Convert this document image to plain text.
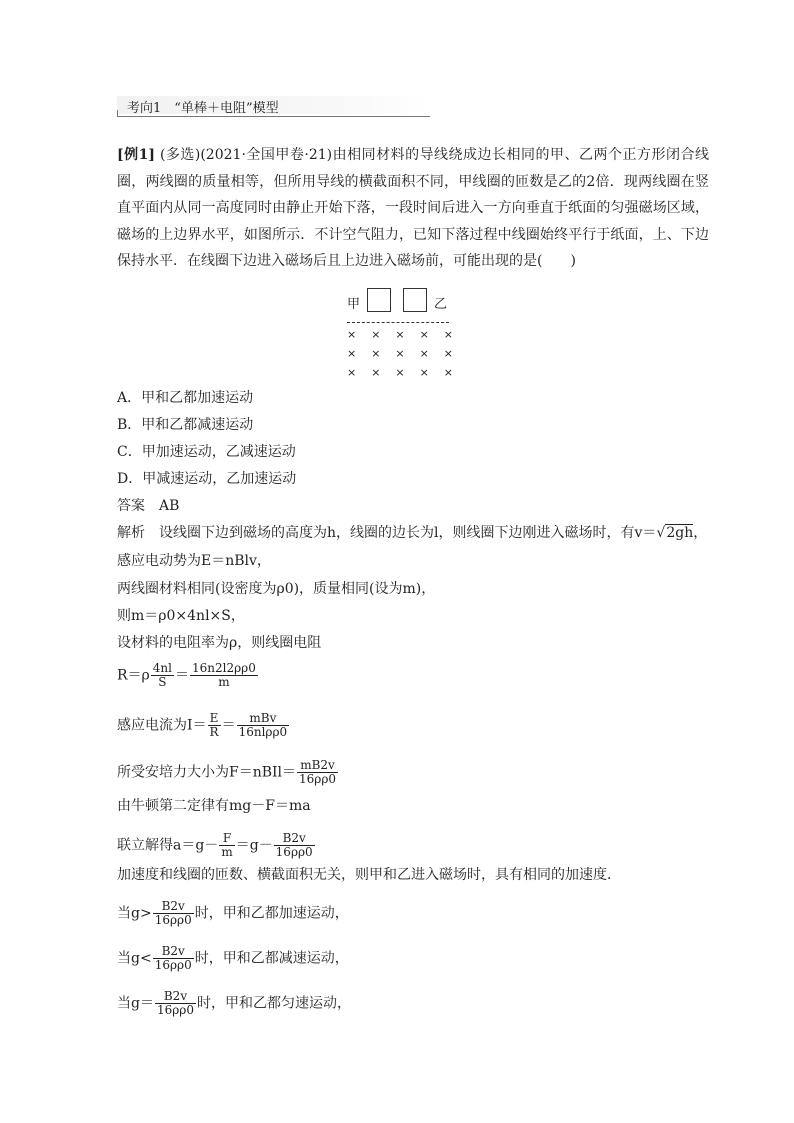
考向1　 “单棒＋电阻”模型
[例1] (多选)(2021·全国甲卷·21)由相同材料的导线绕成边长相同的甲、乙两个正方形闭合线圈，两线圈的质量相等，但所用导线的横截面积不同，甲线圈的匝数是乙的2倍．现两线圈在竖直平面内从同一高度同时由静止开始下落，一段时间后进入一方向垂直于纸面的匀强磁场区域，磁场的上边界水平，如图所示．不计空气阻力，已知下落过程中线圈始终平行于纸面，上、下边保持水平．在线圈下边进入磁场后且上边进入磁场前，可能出现的是(　　)
甲	乙
× × × × ×
× × × × ×
× × × × ×
A．甲和乙都加速运动
B．甲和乙都减速运动
C．甲加速运动，乙减速运动
D．甲减速运动，乙加速运动
答案　 AB
解析　 设线圈下边到磁场的高度为h，线圈的边长为l，则线圈下边刚进入磁场时，有v＝√2gh，
感应电动势为E＝nBlv，
两线圈材料相同(设密度为ρ0)，质量相同(设为m)，
则m＝ρ0×4nl×S，
设材料的电阻率为ρ，则线圈电阻
$R=\rho \frac{4nl}{S} = \frac{16n2l2\rho\rho 0}{m}$
感应电流为$I= \frac{E}{R} = \frac{\text{mBv}}{\text{16nlρρ0}}$
所受安培力大小为F＝nBIl＝ $\frac{mB2v}{16\rho\rho 0}$
由牛顿第二定律有mg－F＝ma
联立解得$a=g- \frac{F}{m} =g- \frac{B2v}{16\rho\rho 0}$
加速度和线圈的匝数、横截面积无关，则甲和乙进入磁场时，具有相同的加速度．
当$g> \frac{B2v}{16\rho\rho 0}$ 时，甲和乙都加速运动，
当$g< \frac{B2v}{16\rho\rho 0}$ 时，甲和乙都减速运动，
当$g= \frac{B2v}{16\rho\rho 0}$ 时，甲和乙都匀速运动，
